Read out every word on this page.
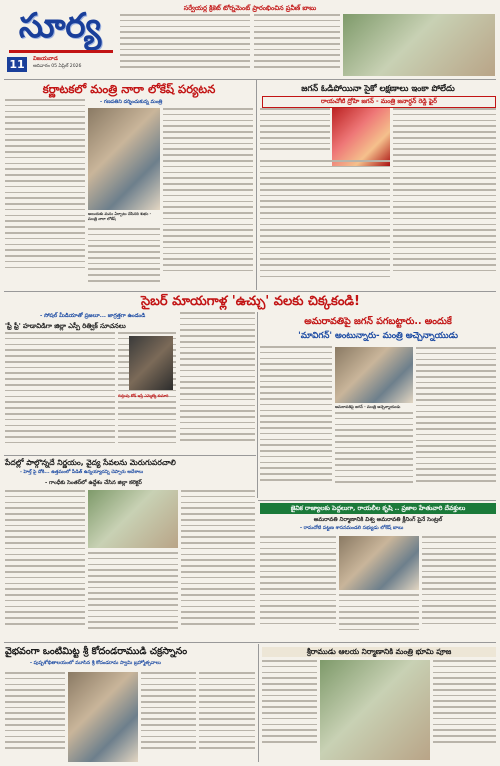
సూర్య
11	విజయవాడ
ఆదివారం 05 ఏప్రిల్ 2026
సర్వేయర్ల క్రికెట్ టోర్నమెంట్ ప్రారంభించిన ప్రవీణ్ బాబు
కర్ణాటకలో మంత్రి నారా లోకేష్ పర్యటన
- గణపతిని దర్శించుకున్న మంత్రి
అయిదుకు మనం ఏర్పాటు చేసినది శుభం - మంత్రి నారా లోకేష్
జగన్ ఓడిపోయినా సైకో లక్షణాలు ఇంకా పోలేదు
రాయచోటి ద్రోహి జగన్ - మంత్రి జనార్ధన్ రెడ్డి ఫైర్
సైబర్ మాయగాళ్ల 'ఉచ్చు' వలకు చిక్కకండి!
- సోషల్ మీడియాతో ప్రజలూ... జాగ్రత్తగా ఉండండి
'ఫ్రీ ఫ్రీ' హడావిడిగా జిల్లా ఎస్పీ రిత్విక్ సూచనలు
గుర్తింపు కోడ్ ఇస్తే ఎమ్మెల్యే కుమారి
అమరావతిపై జగన్ పగబట్టారు.. అందుకే
'మావిగన్' అంటున్నారు- మంత్రి అచ్చెన్నాయుడు
అమరావతిపై జగన్ - మంత్రి అచ్చెన్నాయుడు
పేదల్లో పాల్గొన్నదే నిర్ణయం, వైద్య సేవలను మెరుగుపరచాలి
- హెల్త్ పై దోకి... ఉత్తమంలో పీడిత్ ఉన్నయ్యాదన్ని చెప్పారు ఆదేశాలు
- గాంధీకు సెంతర్‌లో ఉద్దేశం చేసిన జిల్లా కలెక్టర్
జైవిక రాజ్యాలకు పెద్దలుగా, రాయలీల కృషి .. ప్రజాల హేతువారి దేవక్తులు
అమరావతి నిర్మాణానికి విశ్వ అమరావతి క్లీనింగ్ పైనే సెంట్రల్
- రామచోటి పట్టణ శాసనమండలి సభ్యుడు లోకేష్ బాబు
వైభవంగా ఒంటిమిట్ట శ్రీ కోదండరాముడి చక్రస్నానం
- పుష్పశోభితాలయంలో మూసిన శ్రీ కోదండరామ స్వామి బ్రహ్మోత్సవాలు
శ్రీరాముడు ఆలయ నిర్మాణానికి మంత్రి భూమి పూజ
